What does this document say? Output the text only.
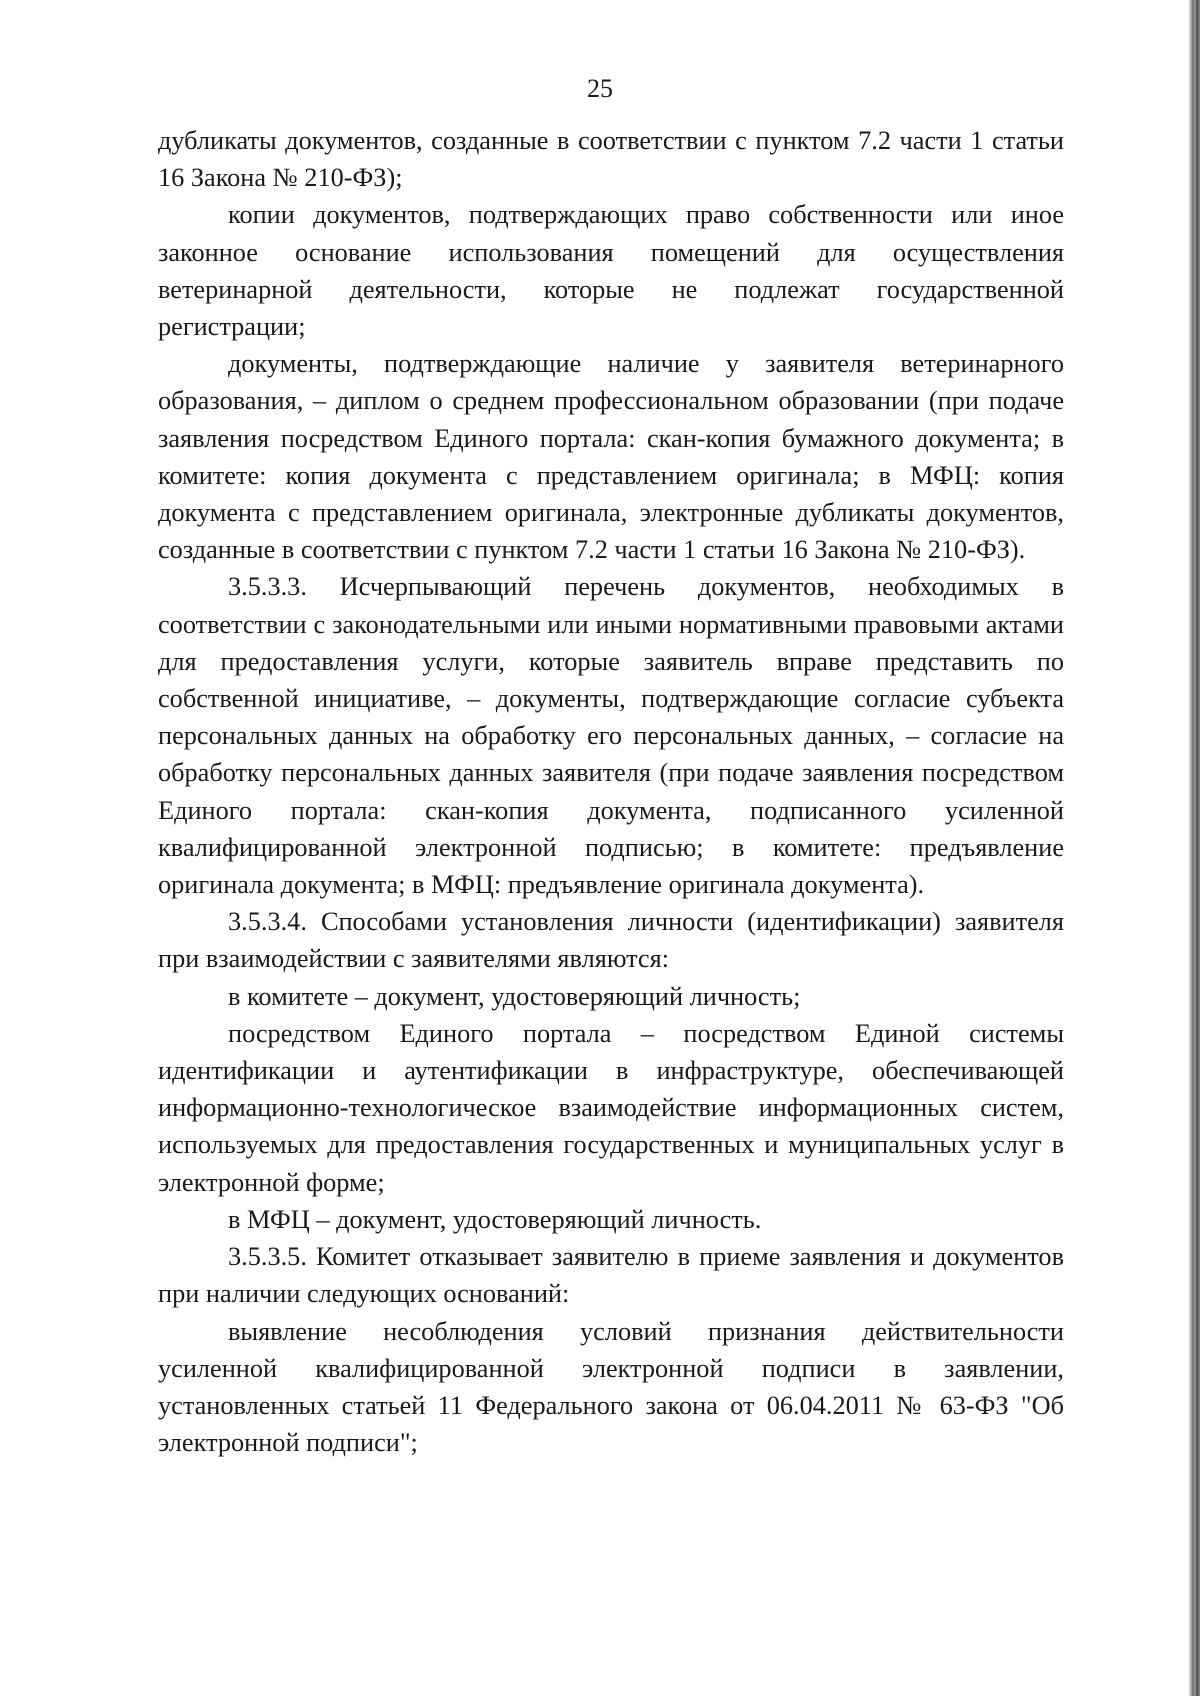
25

дубликаты документов, созданные в соответствии с пунктом 7.2 части 1 статьи 16 Закона № 210-ФЗ);

копии документов, подтверждающих право собственности или иное законное основание использования помещений для осуществления ветеринарной деятельности, которые не подлежат государственной регистрации;

документы, подтверждающие наличие у заявителя ветеринарного образования, – диплом о среднем профессиональном образовании (при подаче заявления посредством Единого портала: скан-копия бумажного документа; в комитете: копия документа с представлением оригинала; в МФЦ: копия документа с представлением оригинала, электронные дубликаты документов, созданные в соответствии с пунктом 7.2 части 1 статьи 16 Закона № 210-ФЗ).

3.5.3.3. Исчерпывающий перечень документов, необходимых в соответствии с законодательными или иными нормативными правовыми актами для предоставления услуги, которые заявитель вправе представить по собственной инициативе, – документы, подтверждающие согласие субъекта персональных данных на обработку его персональных данных, – согласие на обработку персональных данных заявителя (при подаче заявления посредством Единого портала: скан-копия документа, подписанного усиленной квалифицированной электронной подписью; в комитете: предъявление оригинала документа; в МФЦ: предъявление оригинала документа).

3.5.3.4. Способами установления личности (идентификации) заявителя при взаимодействии с заявителями являются:

в комитете – документ, удостоверяющий личность;

посредством Единого портала – посредством Единой системы идентификации и аутентификации в инфраструктуре, обеспечивающей информационно-технологическое взаимодействие информационных систем, используемых для предоставления государственных и муниципальных услуг в электронной форме;

в МФЦ – документ, удостоверяющий личность.

3.5.3.5. Комитет отказывает заявителю в приеме заявления и документов при наличии следующих оснований:

выявление несоблюдения условий признания действительности усиленной квалифицированной электронной подписи в заявлении, установленных статьей 11 Федерального закона от 06.04.2011 № 63-ФЗ "Об электронной подписи";
